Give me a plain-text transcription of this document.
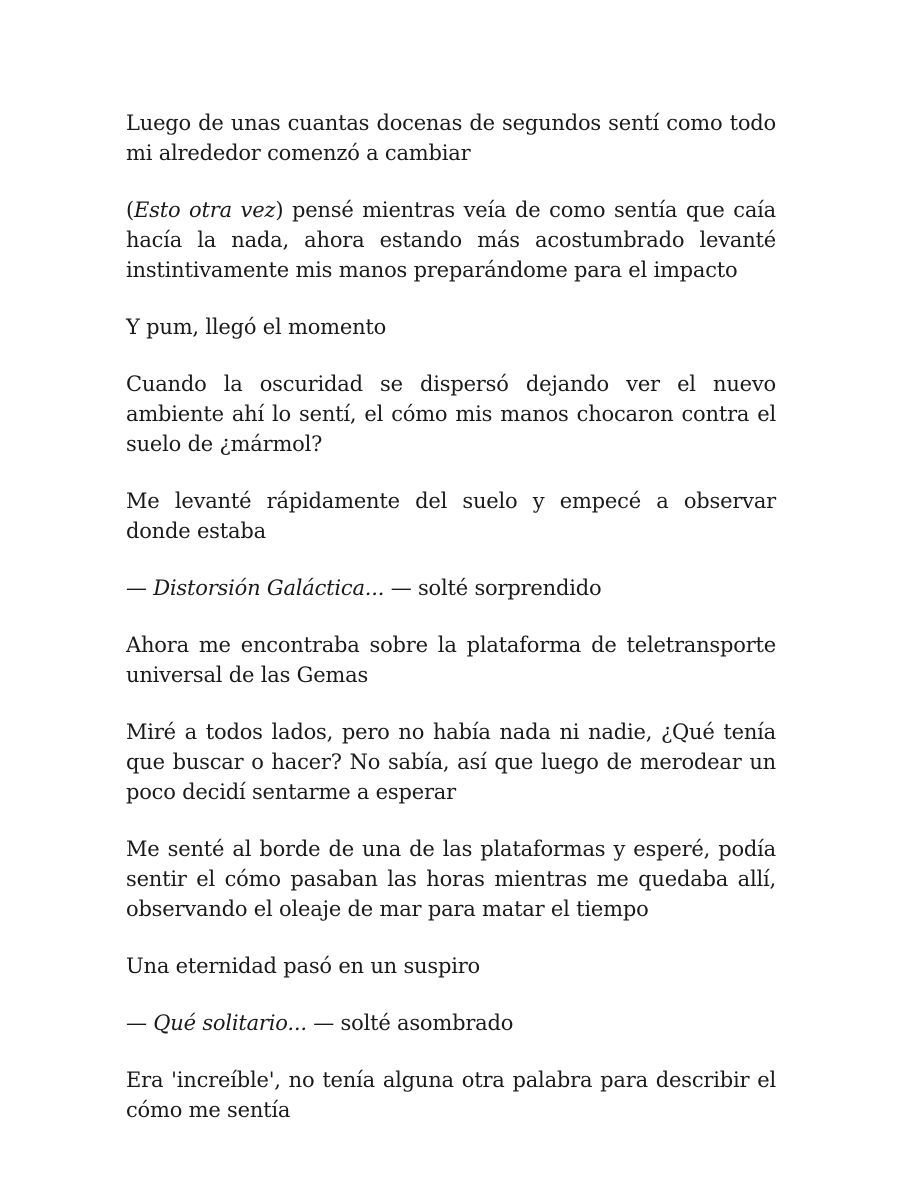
Luego de unas cuantas docenas de segundos sentí como todo mi alrededor comenzó a cambiar

(Esto otra vez) pensé mientras veía de como sentía que caía hacía la nada, ahora estando más acostumbrado levanté instintivamente mis manos preparándome para el impacto

Y pum, llegó el momento

Cuando la oscuridad se dispersó dejando ver el nuevo ambiente ahí lo sentí, el cómo mis manos chocaron contra el suelo de ¿mármol?

Me levanté rápidamente del suelo y empecé a observar donde estaba

— Distorsión Galáctica... — solté sorprendido

Ahora me encontraba sobre la plataforma de teletransporte universal de las Gemas

Miré a todos lados, pero no había nada ni nadie, ¿Qué tenía que buscar o hacer? No sabía, así que luego de merodear un poco decidí sentarme a esperar

Me senté al borde de una de las plataformas y esperé, podía sentir el cómo pasaban las horas mientras me quedaba allí, observando el oleaje de mar para matar el tiempo

Una eternidad pasó en un suspiro

— Qué solitario... — solté asombrado

Era 'increíble', no tenía alguna otra palabra para describir el cómo me sentía
